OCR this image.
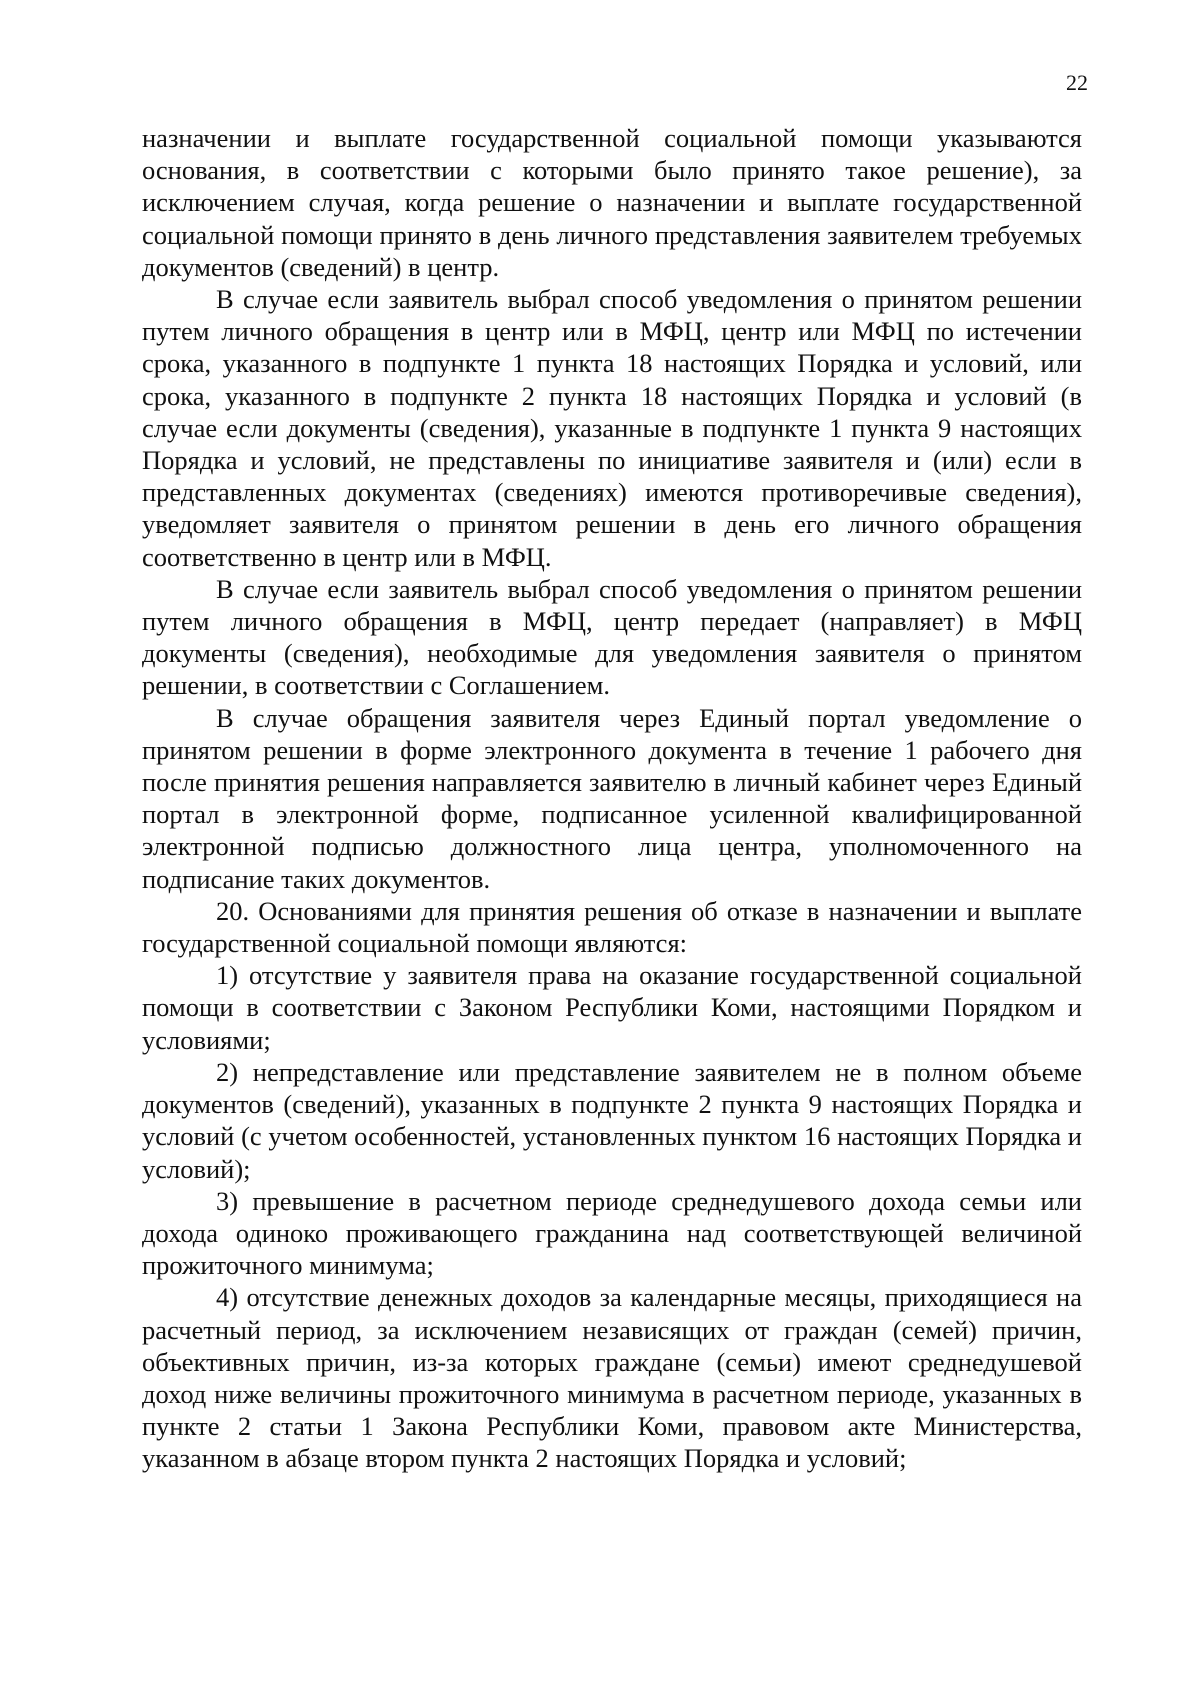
22

назначении и выплате государственной социальной помощи указываются основания, в соответствии с которыми было принято такое решение), за исключением случая, когда решение о назначении и выплате государственной социальной помощи принято в день личного представления заявителем требуемых документов (сведений) в центр.

В случае если заявитель выбрал способ уведомления о принятом решении путем личного обращения в центр или в МФЦ, центр или МФЦ по истечении срока, указанного в подпункте 1 пункта 18 настоящих Порядка и условий, или срока, указанного в подпункте 2 пункта 18 настоящих Порядка и условий (в случае если документы (сведения), указанные в подпункте 1 пункта 9 настоящих Порядка и условий, не представлены по инициативе заявителя и (или) если в представленных документах (сведениях) имеются противоречивые сведения), уведомляет заявителя о принятом решении в день его личного обращения соответственно в центр или в МФЦ.

В случае если заявитель выбрал способ уведомления о принятом решении путем личного обращения в МФЦ, центр передает (направляет) в МФЦ документы (сведения), необходимые для уведомления заявителя о принятом решении, в соответствии с Соглашением.

В случае обращения заявителя через Единый портал уведомление о принятом решении в форме электронного документа в течение 1 рабочего дня после принятия решения направляется заявителю в личный кабинет через Единый портал в электронной форме, подписанное усиленной квалифицированной электронной подписью должностного лица центра, уполномоченного на подписание таких документов.

20. Основаниями для принятия решения об отказе в назначении и выплате государственной социальной помощи являются:

1) отсутствие у заявителя права на оказание государственной социальной помощи в соответствии с Законом Республики Коми, настоящими Порядком и условиями;

2) непредставление или представление заявителем не в полном объеме документов (сведений), указанных в подпункте 2 пункта 9 настоящих Порядка и условий (с учетом особенностей, установленных пунктом 16 настоящих Порядка и условий);

3) превышение в расчетном периоде среднедушевого дохода семьи или дохода одиноко проживающего гражданина над соответствующей величиной прожиточного минимума;

4) отсутствие денежных доходов за календарные месяцы, приходящиеся на расчетный период, за исключением независящих от граждан (семей) причин, объективных причин, из-за которых граждане (семьи) имеют среднедушевой доход ниже величины прожиточного минимума в расчетном периоде, указанных в пункте 2 статьи 1 Закона Республики Коми, правовом акте Министерства, указанном в абзаце втором пункта 2 настоящих Порядка и условий;
